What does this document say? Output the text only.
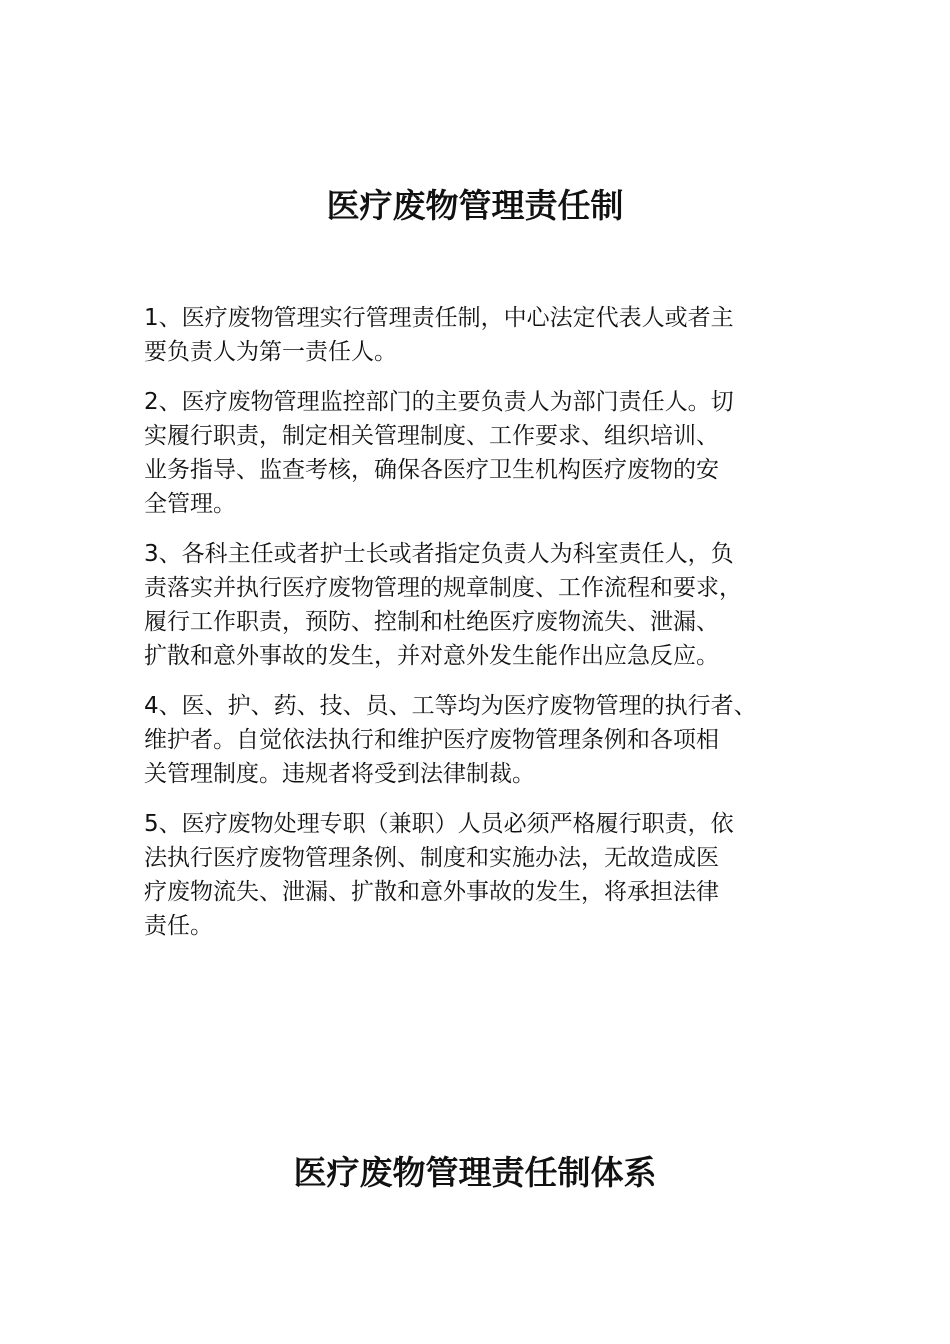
医疗废物管理责任制

1、医疗废物管理实行管理责任制，中心法定代表人或者主
要负责人为第一责任人。

2、医疗废物管理监控部门的主要负责人为部门责任人。切
实履行职责，制定相关管理制度、工作要求、组织培训、
业务指导、监查考核，确保各医疗卫生机构医疗废物的安
全管理。

3、各科主任或者护士长或者指定负责人为科室责任人，负
责落实并执行医疗废物管理的规章制度、工作流程和要求，
履行工作职责，预防、控制和杜绝医疗废物流失、泄漏、
扩散和意外事故的发生，并对意外发生能作出应急反应。

4、医、护、药、技、员、工等均为医疗废物管理的执行者、
维护者。自觉依法执行和维护医疗废物管理条例和各项相
关管理制度。违规者将受到法律制裁。

5、医疗废物处理专职（兼职）人员必须严格履行职责，依
法执行医疗废物管理条例、制度和实施办法，无故造成医
疗废物流失、泄漏、扩散和意外事故的发生，将承担法律
责任。

医疗废物管理责任制体系
